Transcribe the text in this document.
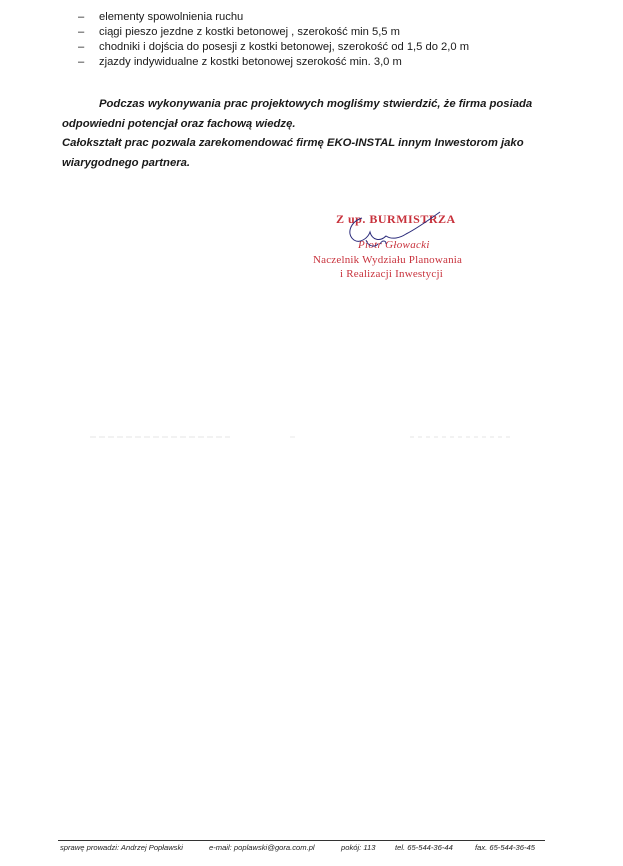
– elementy spowolnienia ruchu
– ciągi pieszo jezdne z kostki betonowej , szerokość min 5,5 m
– chodniki i dojścia do posesji z kostki betonowej, szerokość od 1,5 do 2,0 m
– zjazdy indywidualne z kostki betonowej szerokość min. 3,0 m

Podczas wykonywania prac projektowych mogliśmy stwierdzić, że firma posiada odpowiedni potencjał oraz fachową wiedzę.

Całokształt prac pozwala zarekomendować firmę EKO-INSTAL innym Inwestorom jako wiarygodnego partnera.

Z up. BURMISTRZA
Piotr Głowacki
Naczelnik Wydziału Planowania
i Realizacji Inwestycji
sprawę prowadzi: Andrzej Popławski	e-mail: poplawski@gora.com.pl	pokój: 113	tel. 65-544-36-44	fax. 65-544-36-45
